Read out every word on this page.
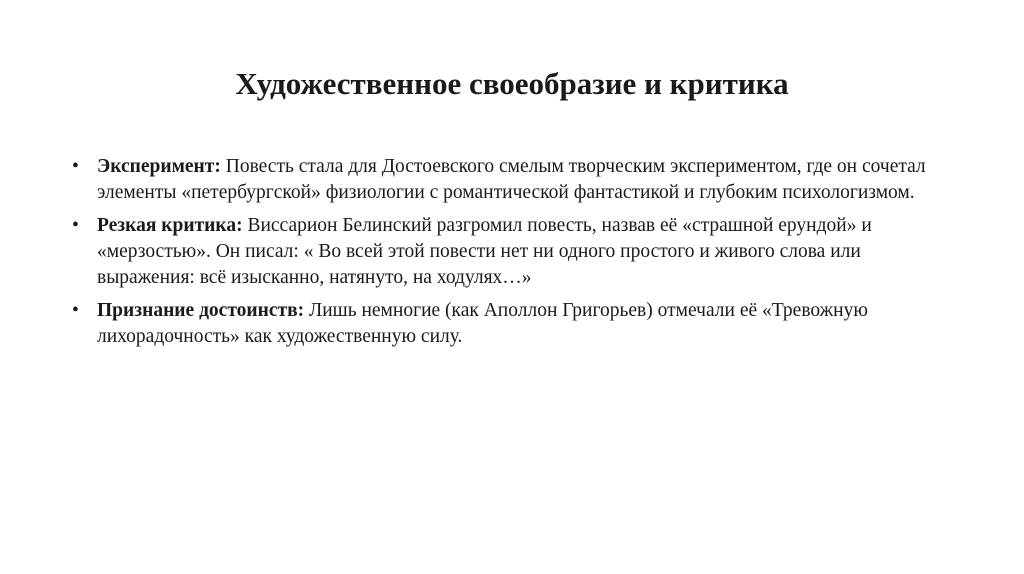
Художественное своеобразие и критика
• Эксперимент: Повесть стала для Достоевского смелым творческим экспериментом, где он сочетал элементы «петербургской» физиологии с романтической фантастикой и глубоким психологизмом.
• Резкая критика: Виссарион Белинский разгромил повесть, назвав её «страшной ерундой» и «мерзостью». Он писал: « Во всей этой повести нет ни одного простого и живого слова или выражения: всё изысканно, натянуто, на ходулях…»
• Признание достоинств: Лишь немногие (как Аполлон Григорьев) отмечали её «Тревожную лихорадочность» как художественную силу.
